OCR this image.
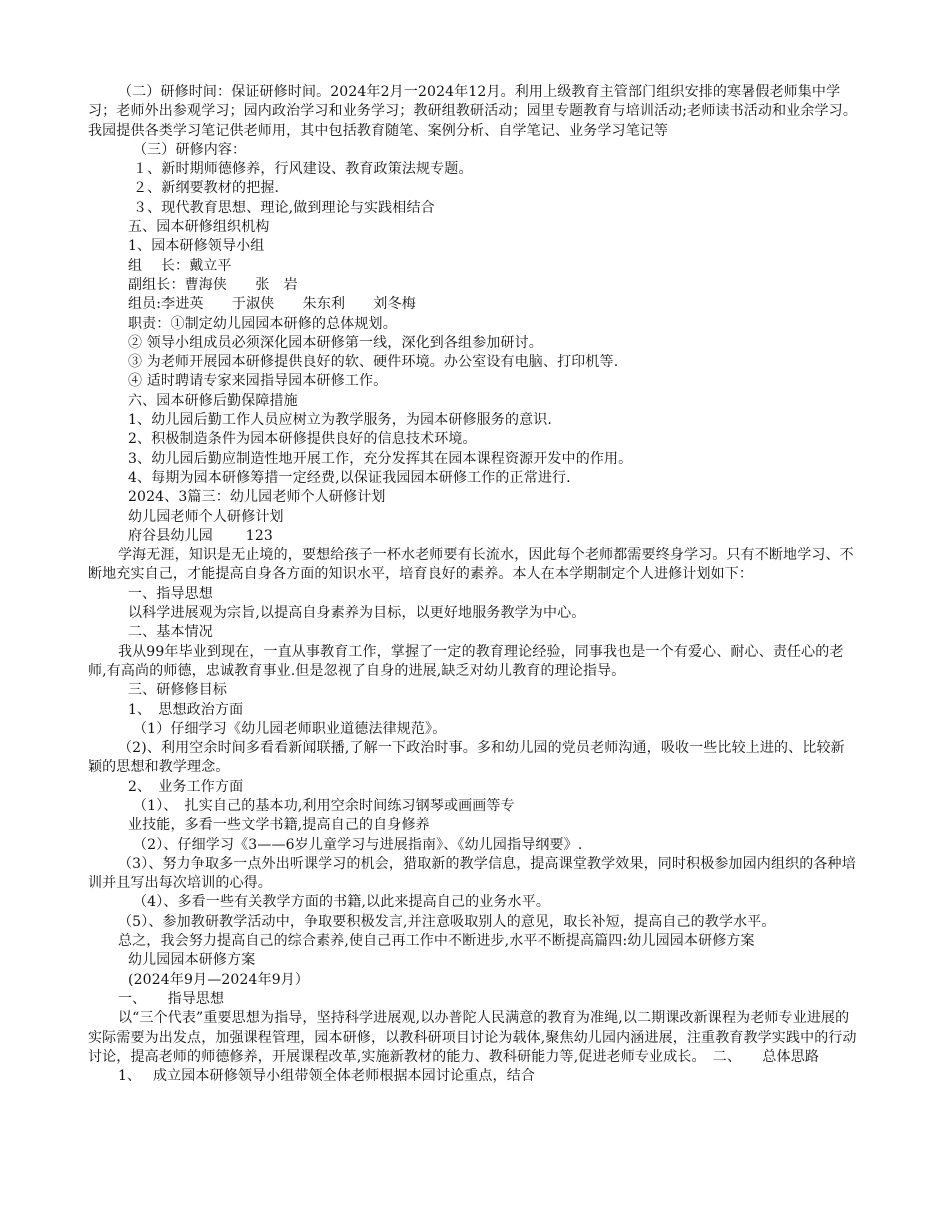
（二）研修时间：保证研修时间。2024年2月一2024年12月。利用上级教育主管部门组织安排的寒暑假老师集中学习；老师外出参观学习；园内政治学习和业务学习；教研组教研活动；园里专题教育与培训活动;老师读书活动和业余学习。我园提供各类学习笔记供老师用，其中包括教育随笔、案例分析、自学笔记、业务学习笔记等
（三）研修内容：
１、新时期师德修养，行风建设、教育政策法规专题。
２、新纲要教材的把握.
３、现代教育思想、理论,做到理论与实践相结合
五、园本研修组织机构
1、园本研修领导小组
组　 长：戴立平
副组长：曹海侠　　张　岩
组员:李进英　　于淑侠　　朱东利　　刘冬梅
职责：①制定幼儿园园本研修的总体规划。
② 领导小组成员必须深化园本研修第一线，深化到各组参加研讨。
③ 为老师开展园本研修提供良好的软、硬件环境。办公室设有电脑、打印机等.
④ 适时聘请专家来园指导园本研修工作。
六、园本研修后勤保障措施
1、幼儿园后勤工作人员应树立为教学服务，为园本研修服务的意识.
2、积极制造条件为园本研修提供良好的信息技术环境。
3、幼儿园后勤应制造性地开展工作，充分发挥其在园本课程资源开发中的作用。
4、每期为园本研修筹措一定经费,以保证我园园本研修工作的正常进行.
2024、3篇三：幼儿园老师个人研修计划
幼儿园老师个人研修计划
府谷县幼儿园　　 123
学海无涯，知识是无止境的，要想给孩子一杯水老师要有长流水，因此每个老师都需要终身学习。只有不断地学习、不断地充实自己，才能提高自身各方面的知识水平，培育良好的素养。本人在本学期制定个人进修计划如下：
一、指导思想
以科学进展观为宗旨,以提高自身素养为目标，以更好地服务教学为中心。
二、基本情况
我从99年毕业到现在，一直从事教育工作，掌握了一定的教育理论经验，同事我也是一个有爱心、耐心、责任心的老师,有高尚的师德，忠诚教育事业.但是忽视了自身的进展,缺乏对幼儿教育的理论指导。
三、研修修目标
1、　思想政治方面
（1）仔细学习《幼儿园老师职业道德法律规范》。
（2)、利用空余时间多看看新闻联播,了解一下政治时事。多和幼儿园的党员老师沟通，吸收一些比较上进的、比较新颖的思想和教学理念。
2、　业务工作方面
（1）、　扎实自己的基本功,利用空余时间练习钢琴或画画等专
业技能，多看一些文学书籍,提高自己的自身修养
（2）、仔细学习《3——6岁儿童学习与进展指南》、《幼儿园指导纲要》.
（3）、努力争取多一点外出听课学习的机会，猎取新的教学信息，提高课堂教学效果，同时积极参加园内组织的各种培训并且写出每次培训的心得。
（4）、多看一些有关教学方面的书籍,以此来提高自己的业务水平。
（5）、参加教研教学活动中，争取要积极发言,并注意吸取别人的意见，取长补短，提高自己的教学水平。
总之，我会努力提高自己的综合素养,使自己再工作中不断进步,水平不断提高篇四:幼儿园园本研修方案
幼儿园园本研修方案
(2024年9月—2024年9月）
一、　　指导思想
以“三个代表”重要思想为指导，坚持科学进展观,以办普陀人民满意的教育为准绳,以二期课改新课程为老师专业进展的实际需要为出发点，加强课程管理，园本研修，以教科研项目讨论为载体,聚焦幼儿园内涵进展，注重教育教学实践中的行动讨论，提高老师的师德修养，开展课程改革,实施新教材的能力、教科研能力等,促进老师专业成长。　二、　　总体思路
1、　 成立园本研修领导小组带领全体老师根据本园讨论重点，结合
